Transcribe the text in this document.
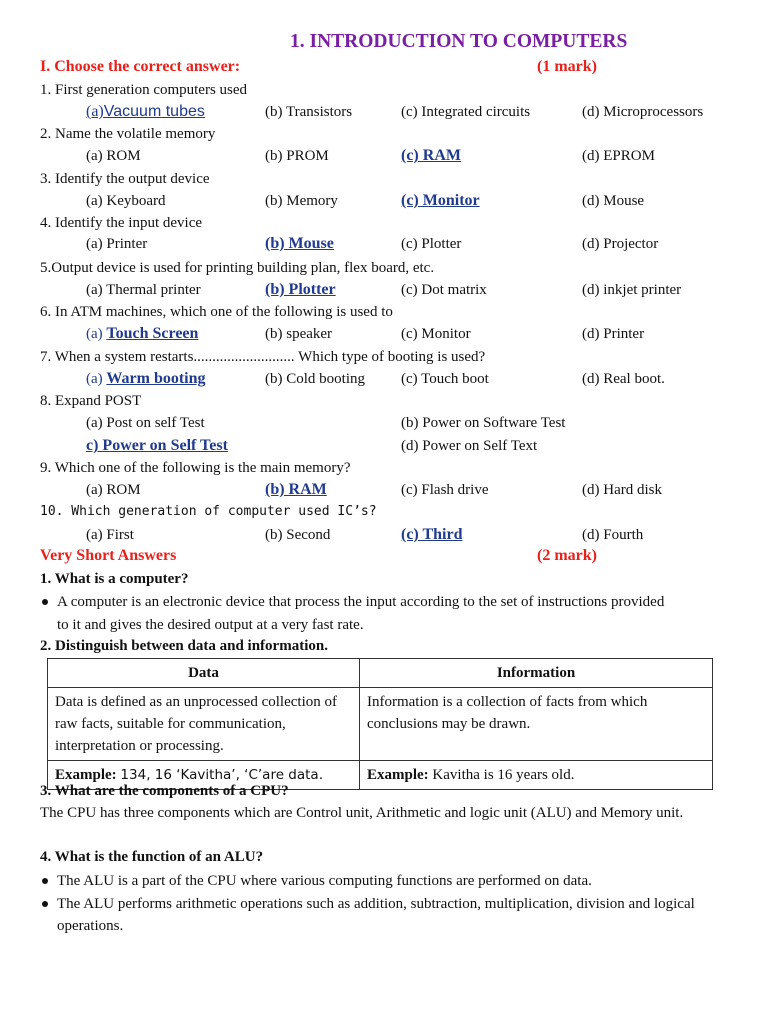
1. INTRODUCTION TO COMPUTERS
I. Choose the correct answer:	(1 mark)
1. First generation computers used
(a)Vacuum tubes	(b) Transistors	(c) Integrated circuits	(d) Microprocessors
2. Name the volatile memory
(a) ROM	(b) PROM	(c) RAM	(d) EPROM
3. Identify the output device
(a) Keyboard	(b) Memory	(c) Monitor	(d) Mouse
4. Identify the input device
(a) Printer	(b) Mouse	(c) Plotter	(d) Projector
5.Output device is used for printing building plan, flex board, etc.
(a) Thermal printer	(b) Plotter	(c) Dot matrix	(d) inkjet printer
6. In ATM machines, which one of the following is used to
(a) Touch Screen	(b) speaker	(c) Monitor	(d) Printer
7. When a system restarts........................... Which type of booting is used?
(a) Warm booting	(b) Cold booting (c) Touch boot	(d) Real boot.
8. Expand POST
(a) Post on self Test	(b) Power on Software Test
c) Power on Self Test	(d) Power on Self Text
9. Which one of the following is the main memory?
(a) ROM	(b) RAM	(c) Flash drive	(d) Hard disk
10. Which generation of computer used IC’s?
(a) First	(b) Second	(c) Third	(d) Fourth
Very Short Answers	(2 mark)
1. What is a computer?
A computer is an electronic device that process the input according to the set of instructions provided
to it and gives the desired output at a very fast rate.
2. Distinguish between data and information.
Data	Information
Data is defined as an unprocessed collection of raw facts, suitable for communication, interpretation or processing.	Information is a collection of facts from which conclusions may be drawn.
Example: 134, 16 ‘Kavitha’, ‘C’are data.	Example: Kavitha is 16 years old.
3. What are the components of a CPU?
The CPU has three components which are Control unit, Arithmetic and logic unit (ALU) and Memory unit.
4. What is the function of an ALU?
The ALU is a part of the CPU where various computing functions are performed on data.
The ALU performs arithmetic operations such as addition, subtraction, multiplication, division and logical operations.
